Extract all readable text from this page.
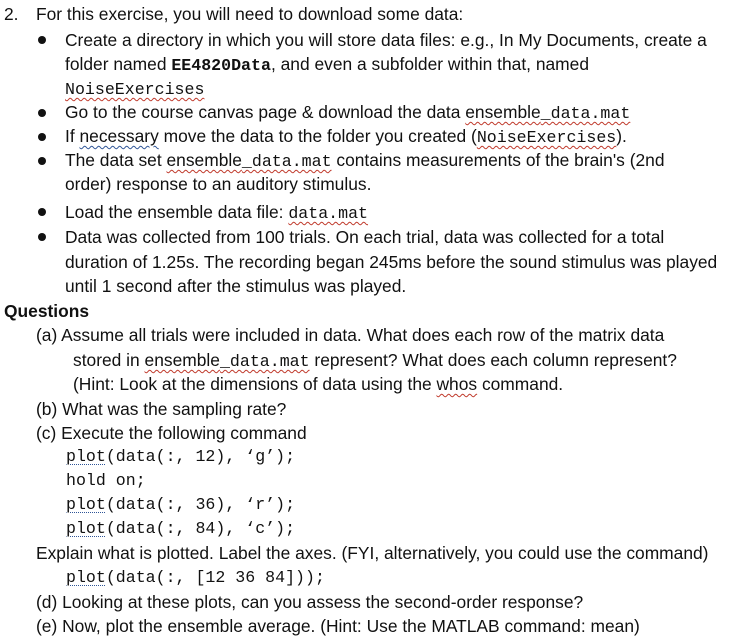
2. For this exercise, you will need to download some data:
Create a directory in which you will store data files: e.g., In My Documents, create a
folder named EE4820Data, and even a subfolder within that, named
NoiseExercises
Go to the course canvas page & download the data ensemble_data.mat
If necessary move the data to the folder you created (NoiseExercises).
The data set ensemble_data.mat contains measurements of the brain's (2nd
order) response to an auditory stimulus.
Load the ensemble data file: data.mat
Data was collected from 100 trials. On each trial, data was collected for a total
duration of 1.25s. The recording began 245ms before the sound stimulus was played
until 1 second after the stimulus was played.
Questions
(a) Assume all trials were included in data. What does each row of the matrix data
stored in ensemble_data.mat represent? What does each column represent?
(Hint: Look at the dimensions of data using the whos command.
(b) What was the sampling rate?
(c) Execute the following command
plot(data(:, 12), ‘g’);
hold on;
plot(data(:, 36), ‘r’);
plot(data(:, 84), ‘c’);
Explain what is plotted. Label the axes. (FYI, alternatively, you could use the command)
plot(data(:, [12 36 84]));
(d) Looking at these plots, can you assess the second-order response?
(e) Now, plot the ensemble average. (Hint: Use the MATLAB command: mean)
